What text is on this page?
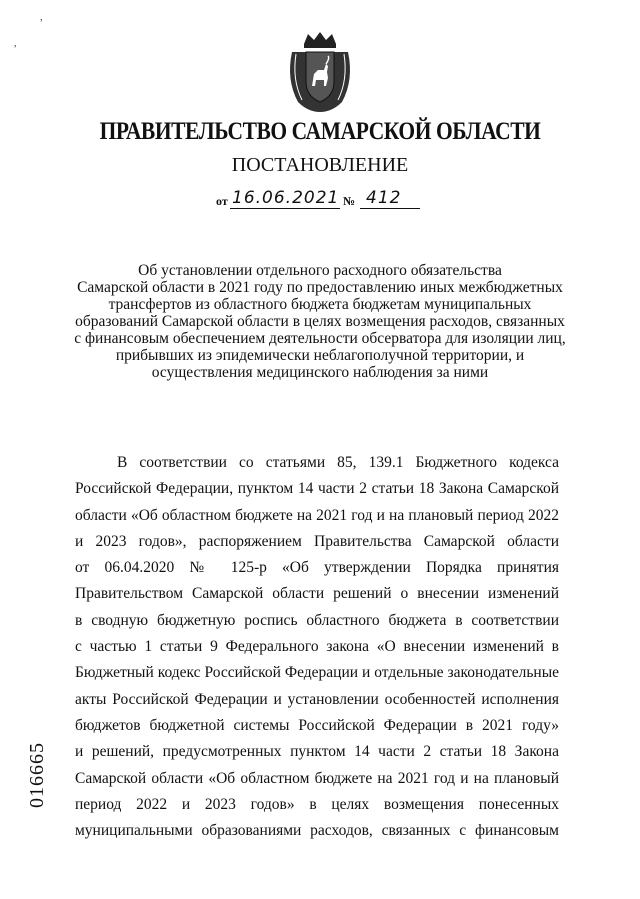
,
,
ПРАВИТЕЛЬСТВО САМАРСКОЙ ОБЛАСТИ
ПОСТАНОВЛЕНИЕ
от 16.06.2021 № 412
Об установлении отдельного расходного обязательства
Самарской области в 2021 году по предоставлению иных межбюджетных
трансфертов из областного бюджета бюджетам муниципальных
образований Самарской области в целях возмещения расходов, связанных
с финансовым обеспечением деятельности обсерватора для изоляции лиц,
прибывших из эпидемически неблагополучной территории, и
осуществления медицинского наблюдения за ними
В соответствии со статьями 85, 139.1 Бюджетного кодекса
Российской Федерации, пунктом 14 части 2 статьи 18 Закона Самарской
области «Об областном бюджете на 2021 год и на плановый период 2022
и 2023 годов», распоряжением Правительства Самарской области
от 06.04.2020 № 125-р «Об утверждении Порядка принятия
Правительством Самарской области решений о внесении изменений
в сводную бюджетную роспись областного бюджета в соответствии
с частью 1 статьи 9 Федерального закона «О внесении изменений в
Бюджетный кодекс Российской Федерации и отдельные законодательные
акты Российской Федерации и установлении особенностей исполнения
бюджетов бюджетной системы Российской Федерации в 2021 году»
и решений, предусмотренных пунктом 14 части 2 статьи 18 Закона
Самарской области «Об областном бюджете на 2021 год и на плановый
период 2022 и 2023 годов» в целях возмещения понесенных
муниципальными образованиями расходов, связанных с финансовым
016665
